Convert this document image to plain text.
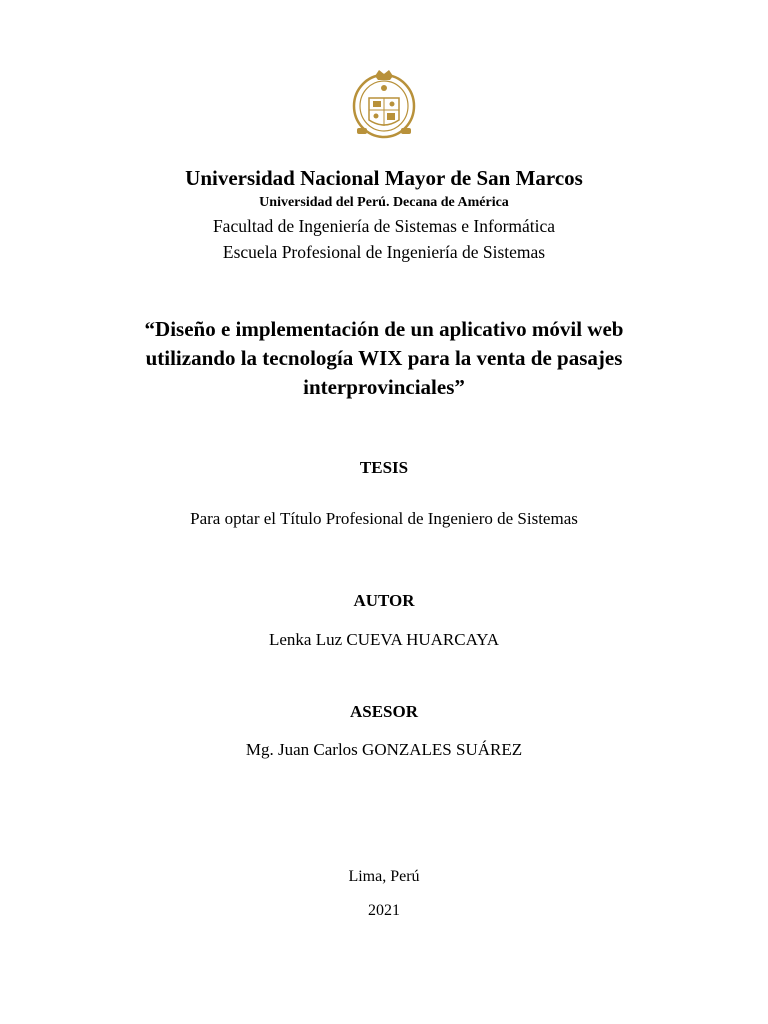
Universidad Nacional Mayor de San Marcos
Universidad del Perú. Decana de América
Facultad de Ingeniería de Sistemas e Informática
Escuela Profesional de Ingeniería de Sistemas
“Diseño e implementación de un aplicativo móvil web
utilizando la tecnología WIX para la venta de pasajes
interprovinciales”
TESIS
Para optar el Título Profesional de Ingeniero de Sistemas
AUTOR
Lenka Luz CUEVA HUARCAYA
ASESOR
Mg. Juan Carlos GONZALES SUÁREZ
Lima, Perú
2021
